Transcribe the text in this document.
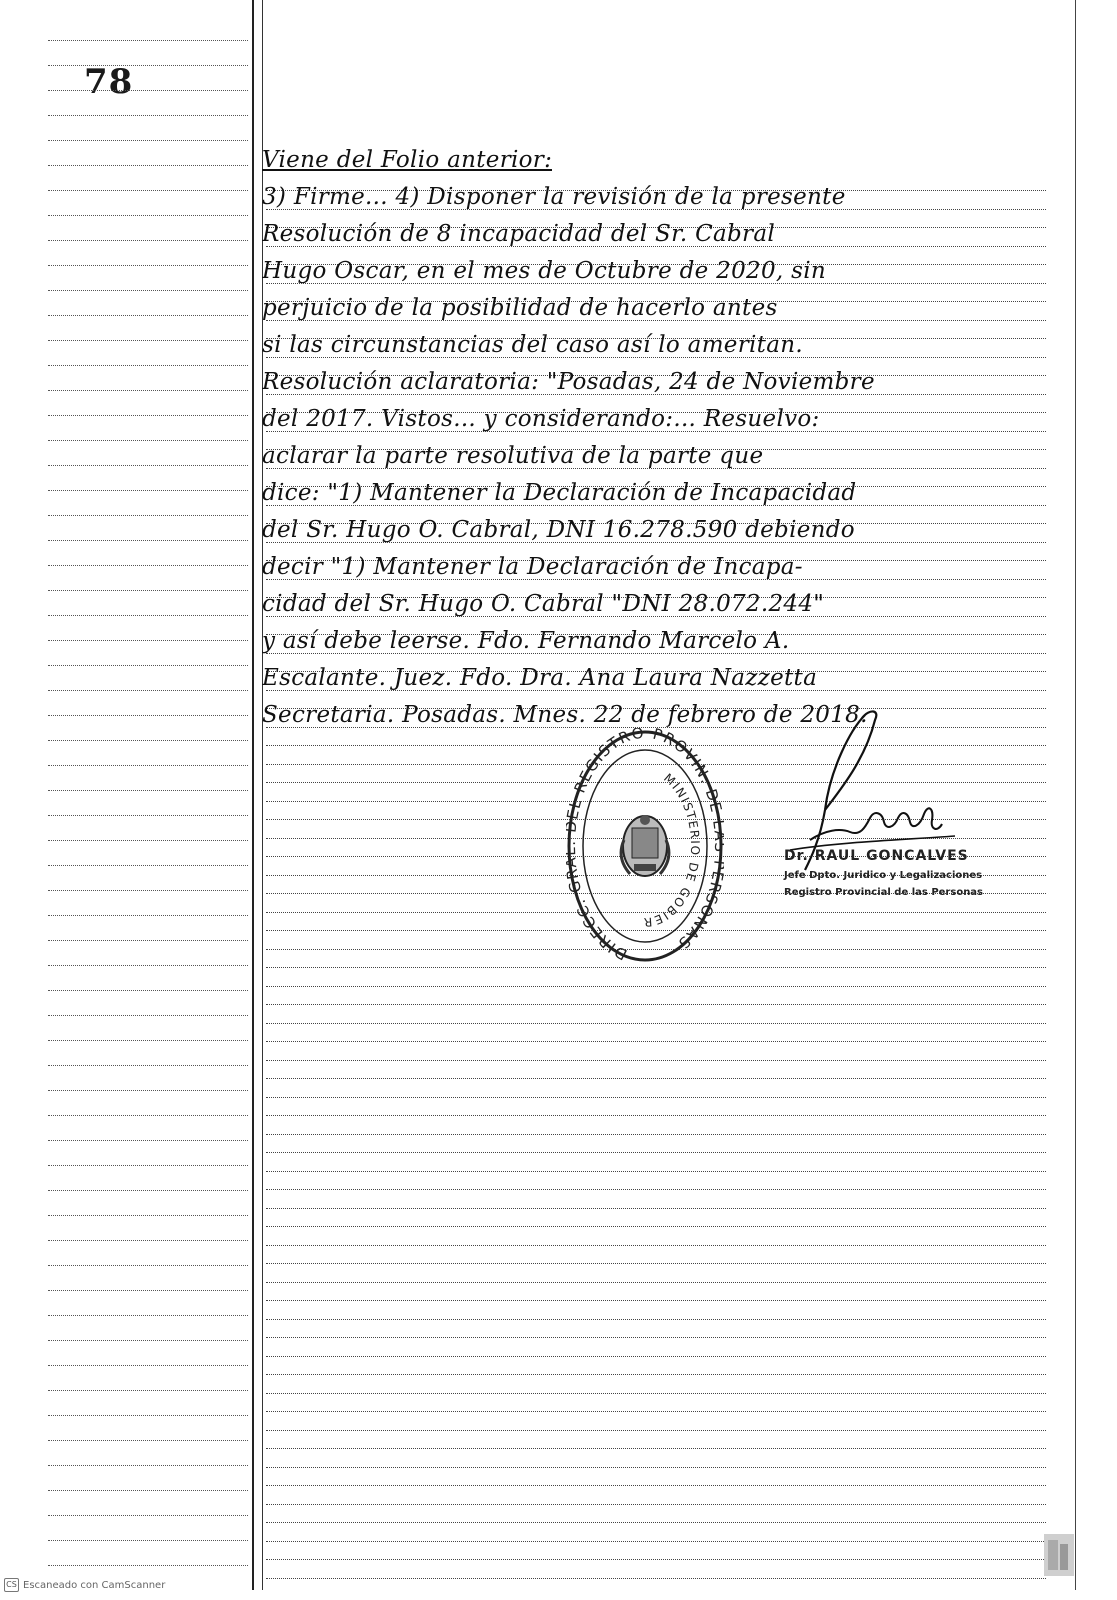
78
Viene del Folio anterior:
3) Firme... 4) Disponer la revisión de la presente
Resolución de 8 incapacidad del Sr. Cabral
Hugo Oscar, en el mes de Octubre de 2020, sin
perjuicio de la posibilidad de hacerlo antes
si las circunstancias del caso así lo ameritan.
Resolución aclaratoria: "Posadas, 24 de Noviembre
del 2017. Vistos... y considerando:... Resuelvo:
aclarar la parte resolutiva de la parte que
dice: "1) Mantener la Declaración de Incapacidad
del Sr. Hugo O. Cabral, DNI 16.278.590 debiendo
decir "1) Mantener la Declaración de Incapa-
cidad del Sr. Hugo O. Cabral "DNI 28.072.244"
y así debe leerse. Fdo. Fernando Marcelo A.
Escalante. Juez. Fdo. Dra. Ana Laura Nazzetta
Secretaria. Posadas. Mnes. 22 de febrero de 2018.
DIRECC. G L REGISTRO PROVIN. DE RSONAS
MINISTERIO DE GOBIER
Dr. RAUL GONCALVES
Jefe Dpto. Juridico y Legalizaciones
Registro Provincial de las Personas
CS Escaneado con CamScanner
